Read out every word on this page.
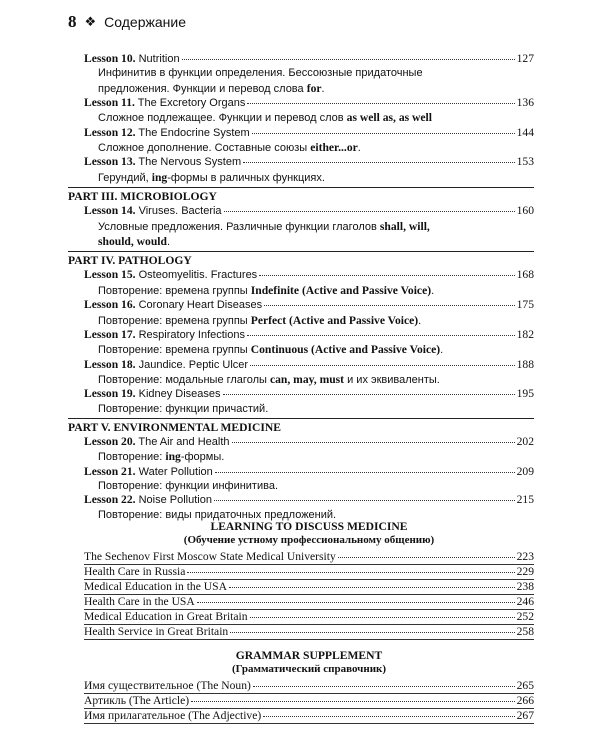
8 ❖ Содержание
Lesson 10. Nutrition	127
Инфинитив в функции определения. Бессоюзные придаточные
предложения. Функции и перевод слова for.
Lesson 11. The Excretory Organs	136
Сложное подлежащее. Функции и перевод слов as well as, as well
Lesson 12. The Endocrine System	144
Сложное дополнение. Составные союзы either...or.
Lesson 13. The Nervous System	153
Герундий, ing-формы в раличных функциях.
PART III. MICROBIOLOGY
Lesson 14. Viruses. Bacteria	160
Условные предложения. Различные функции глаголов shall, will,
should, would.
PART IV. PATHOLOGY
Lesson 15. Osteomyelitis. Fractures	168
Повторение: времена группы Indefinite (Active and Passive Voice).
Lesson 16. Coronary Heart Diseases	175
Повторение: времена группы Perfect (Active and Passive Voice).
Lesson 17. Respiratory Infections	182
Повторение: времена группы Continuous (Active and Passive Voice).
Lesson 18. Jaundice. Peptic Ulcer	188
Повторение: модальные глаголы can, may, must и их эквиваленты.
Lesson 19. Kidney Diseases	195
Повторение: функции причастий.
PART V. ENVIRONMENTAL MEDICINE
Lesson 20. The Air and Health	202
Повторение: ing-формы.
Lesson 21. Water Pollution	209
Повторение: функции инфинитива.
Lesson 22. Noise Pollution	215
Повторение: виды придаточных предложений.
LEARNING TO DISCUSS MEDICINE
(Обучение устному профессиональному общению)
The Sechenov First Moscow State Medical University	223
Health Care in Russia	229
Medical Education in the USA	238
Health Care in the USA	246
Medical Education in Great Britain	252
Health Service in Great Britain	258
GRAMMAR SUPPLEMENT
(Грамматический справочник)
Имя существительное (The Noun)	265
Артикль (The Article)	266
Имя прилагательное (The Adjective)	267
